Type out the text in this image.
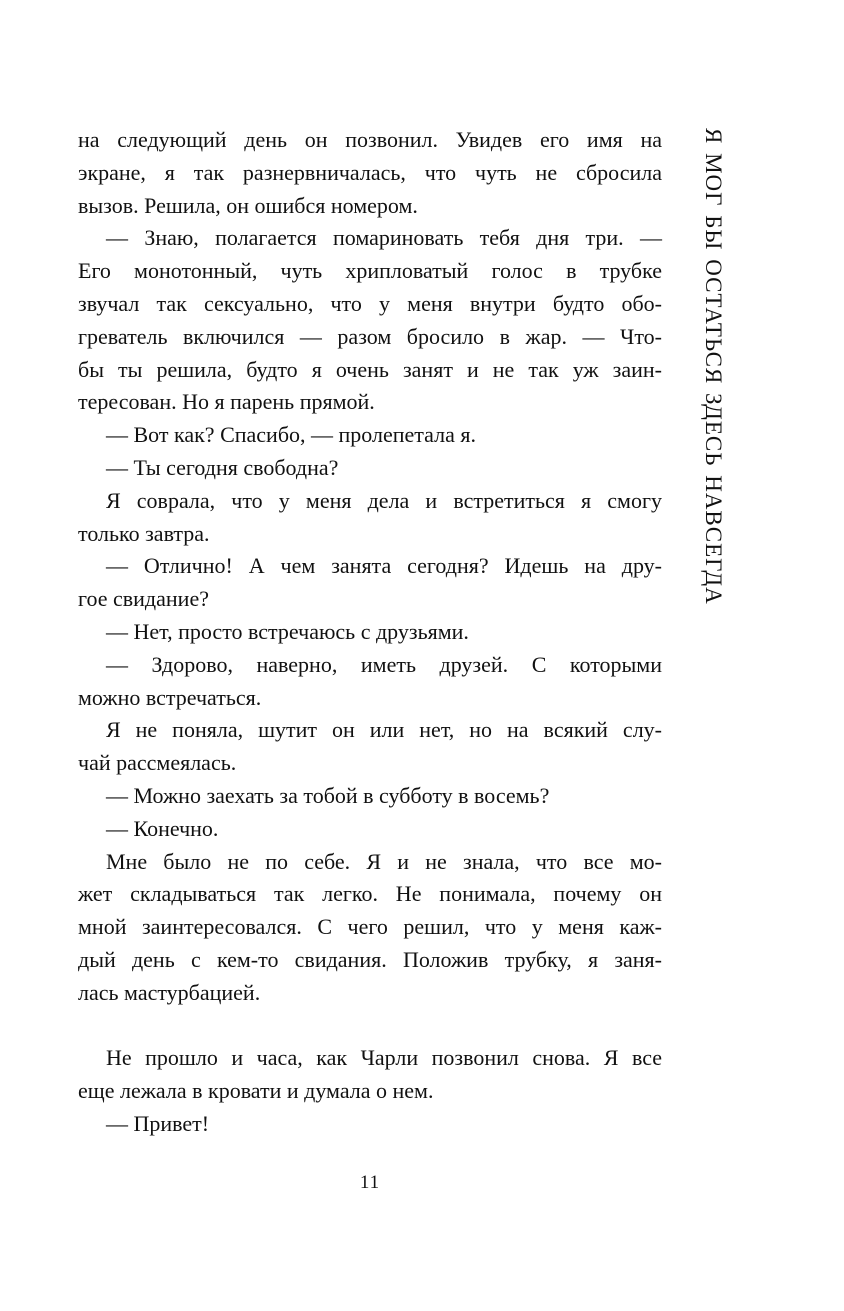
Я МОГ БЫ ОСТАТЬСЯ ЗДЕСЬ НАВСЕГДА
на следующий день он позвонил. Увидев его имя на
экране, я так разнервничалась, что чуть не сбросила
вызов. Решила, он ошибся номером.
— Знаю, полагается помариновать тебя дня три. —
Его монотонный, чуть хрипловатый голос в трубке
звучал так сексуально, что у меня внутри будто обо-
греватель включился — разом бросило в жар. — Что-
бы ты решила, будто я очень занят и не так уж заин-
тересован. Но я парень прямой.
— Вот как? Спасибо, — пролепетала я.
— Ты сегодня свободна?
Я соврала, что у меня дела и встретиться я смогу
только завтра.
— Отлично! А чем занята сегодня? Идешь на дру-
гое свидание?
— Нет, просто встречаюсь с друзьями.
— Здорово, наверно, иметь друзей. С которыми
можно встречаться.
Я не поняла, шутит он или нет, но на всякий слу-
чай рассмеялась.
— Можно заехать за тобой в субботу в восемь?
— Конечно.
Мне было не по себе. Я и не знала, что все мо-
жет складываться так легко. Не понимала, почему он
мной заинтересовался. С чего решил, что у меня каж-
дый день с кем-то свидания. Положив трубку, я заня-
лась мастурбацией.
Не прошло и часа, как Чарли позвонил снова. Я все
еще лежала в кровати и думала о нем.
— Привет!
11
